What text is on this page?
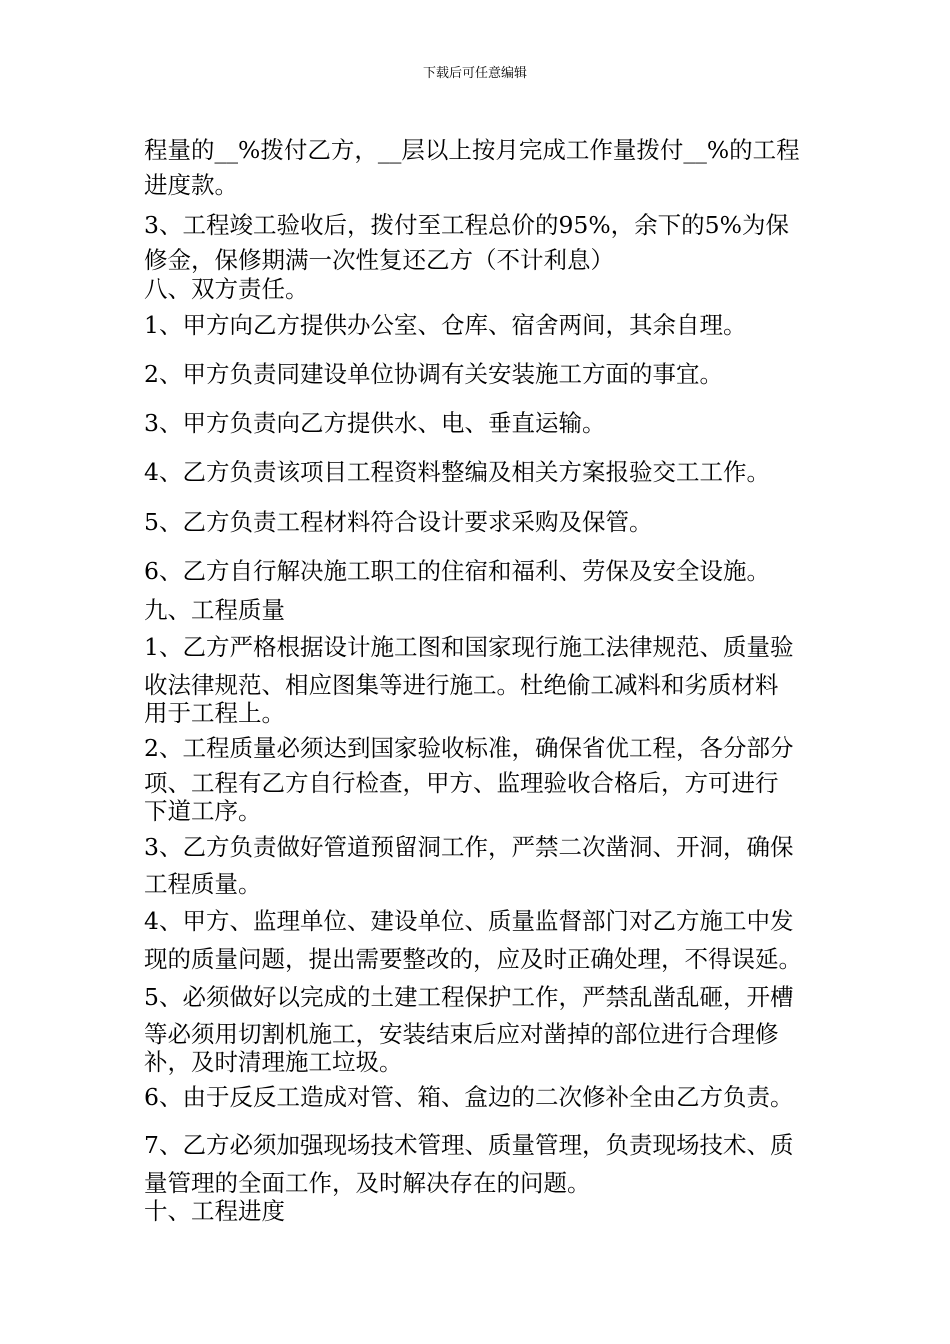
下载后可任意编辑
程量的__%拨付乙方，__层以上按月完成工作量拨付__%的工程
进度款。
3、工程竣工验收后，拨付至工程总价的95%，余下的5%为保
修金，保修期满一次性复还乙方（不计利息）
八、双方责任。
1、甲方向乙方提供办公室、仓库、宿舍两间，其余自理。
2、甲方负责同建设单位协调有关安装施工方面的事宜。
3、甲方负责向乙方提供水、电、垂直运输。
4、乙方负责该项目工程资料整编及相关方案报验交工工作。
5、乙方负责工程材料符合设计要求采购及保管。
6、乙方自行解决施工职工的住宿和福利、劳保及安全设施。
九、工程质量
1、乙方严格根据设计施工图和国家现行施工法律规范、质量验
收法律规范、相应图集等进行施工。杜绝偷工减料和劣质材料
用于工程上。
2、工程质量必须达到国家验收标准，确保省优工程，各分部分
项、工程有乙方自行检查，甲方、监理验收合格后，方可进行
下道工序。
3、乙方负责做好管道预留洞工作，严禁二次凿洞、开洞，确保
工程质量。
4、甲方、监理单位、建设单位、质量监督部门对乙方施工中发
现的质量问题，提出需要整改的，应及时正确处理，不得误延。
5、必须做好以完成的土建工程保护工作，严禁乱凿乱砸，开槽
等必须用切割机施工，安装结束后应对凿掉的部位进行合理修
补，及时清理施工垃圾。
6、由于反反工造成对管、箱、盒边的二次修补全由乙方负责。
7、乙方必须加强现场技术管理、质量管理，负责现场技术、质
量管理的全面工作，及时解决存在的问题。
十、工程进度
